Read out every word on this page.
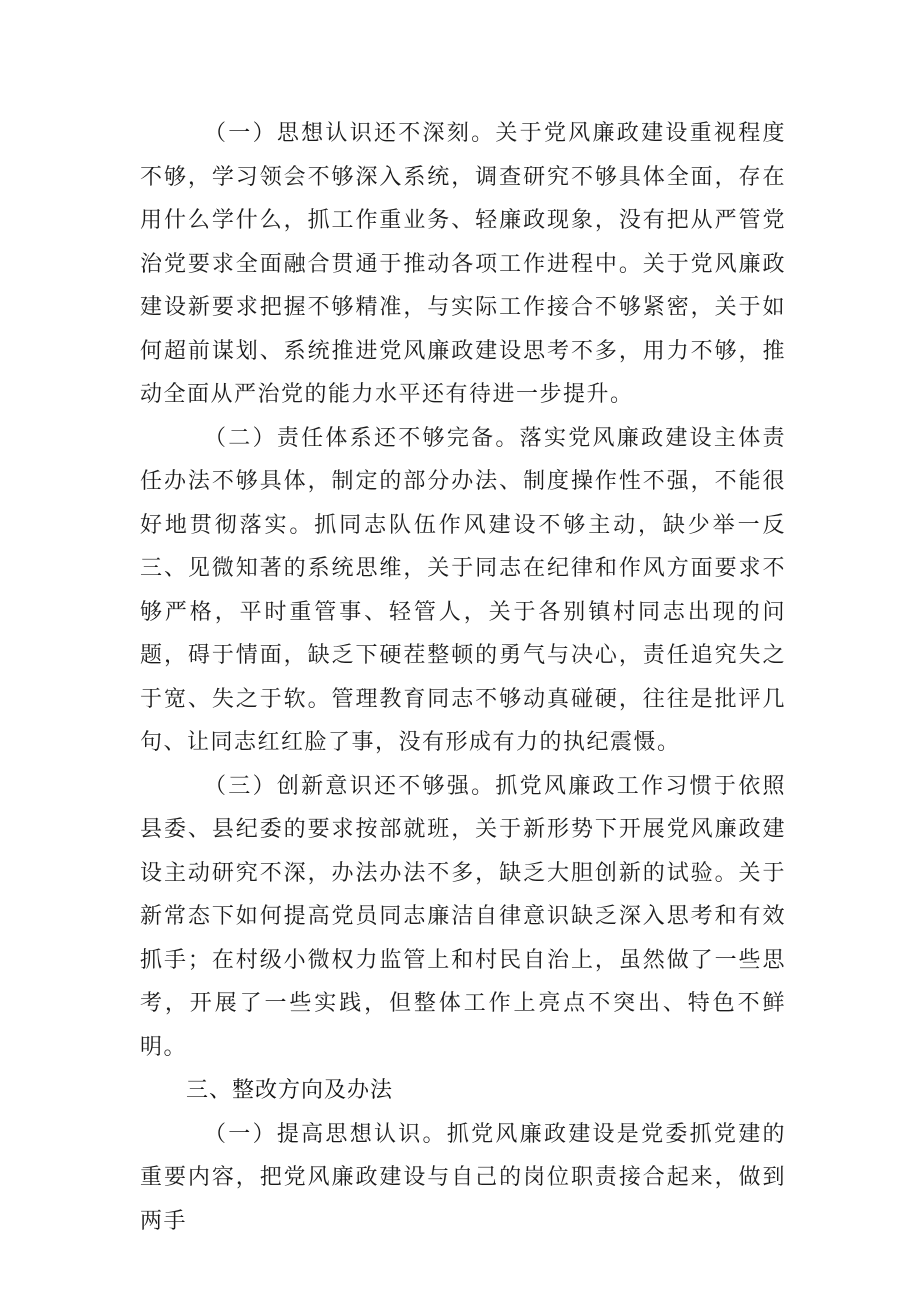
（一）思想认识还不深刻。关于党风廉政建设重视程度不够，学习领会不够深入系统，调查研究不够具体全面，存在用什么学什么，抓工作重业务、轻廉政现象，没有把从严管党治党要求全面融合贯通于推动各项工作进程中。关于党风廉政建设新要求把握不够精准，与实际工作接合不够紧密，关于如何超前谋划、系统推进党风廉政建设思考不多，用力不够，推动全面从严治党的能力水平还有待进一步提升。

（二）责任体系还不够完备。落实党风廉政建设主体责任办法不够具体，制定的部分办法、制度操作性不强，不能很好地贯彻落实。抓同志队伍作风建设不够主动，缺少举一反三、见微知著的系统思维，关于同志在纪律和作风方面要求不够严格，平时重管事、轻管人，关于各别镇村同志出现的问题，碍于情面，缺乏下硬茬整顿的勇气与决心，责任追究失之于宽、失之于软。管理教育同志不够动真碰硬，往往是批评几句、让同志红红脸了事，没有形成有力的执纪震慑。

（三）创新意识还不够强。抓党风廉政工作习惯于依照县委、县纪委的要求按部就班，关于新形势下开展党风廉政建设主动研究不深，办法办法不多，缺乏大胆创新的试验。关于新常态下如何提高党员同志廉洁自律意识缺乏深入思考和有效抓手；在村级小微权力监管上和村民自治上，虽然做了一些思考，开展了一些实践，但整体工作上亮点不突出、特色不鲜明。

三、整改方向及办法

（一）提高思想认识。抓党风廉政建设是党委抓党建的重要内容，把党风廉政建设与自己的岗位职责接合起来，做到两手
